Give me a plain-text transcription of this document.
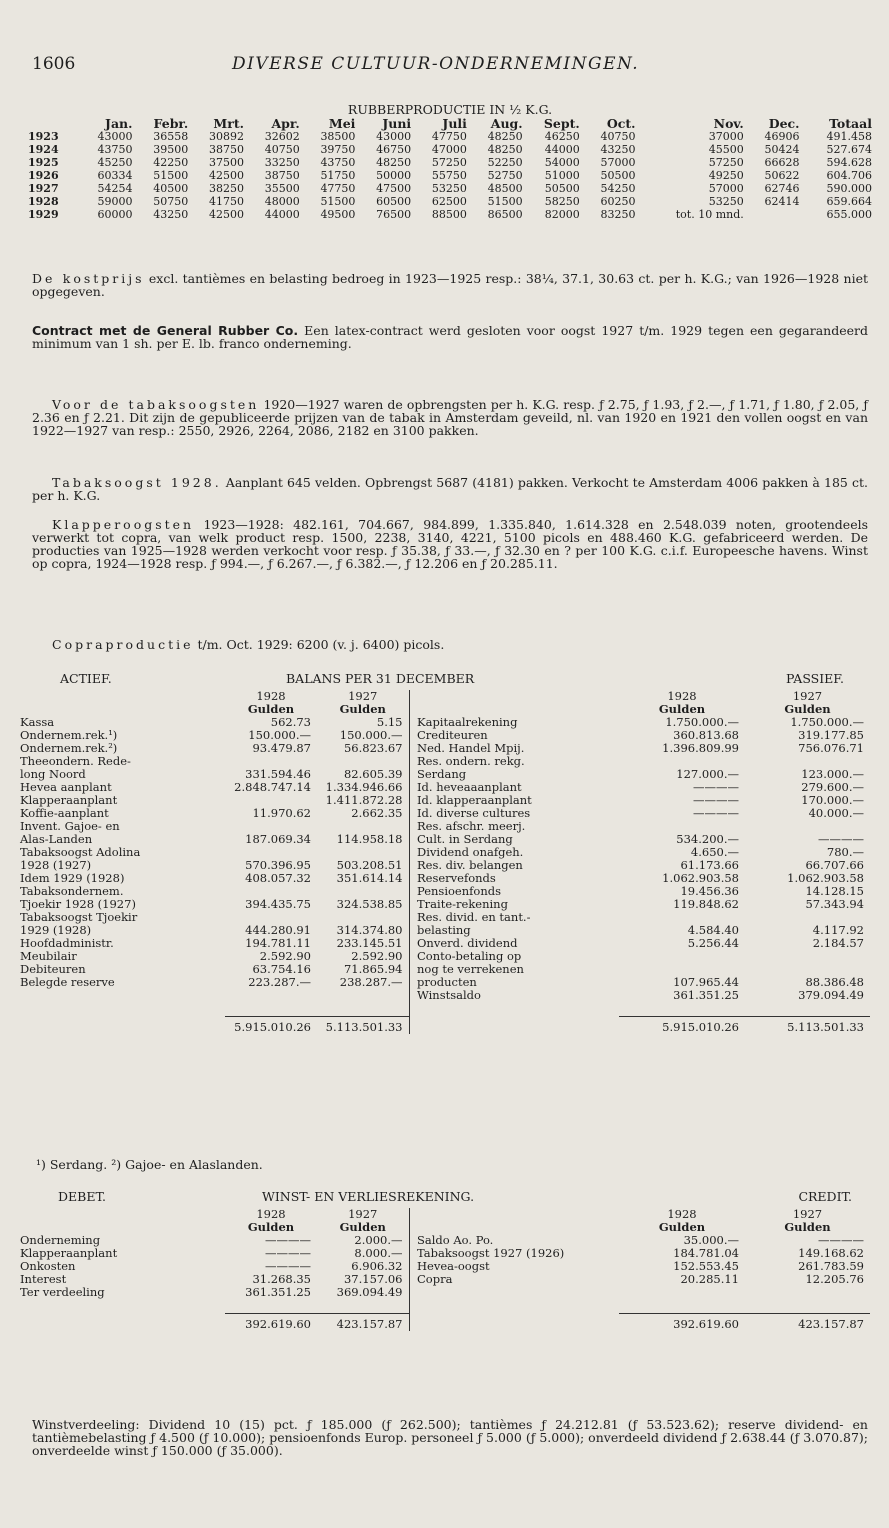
1606	DIVERSE CULTUUR-ONDERNEMINGEN.
RUBBERPRODUCTIE IN ½ K.G.
	Jan.	Febr.	Mrt.	Apr.	Mei	Juni	Juli	Aug.	Sept.	Oct.	Nov.	Dec.	Totaal
1923	43000	36558	30892	32602	38500	43000	47750	48250	46250	40750	37000	46906	491.458
1924	43750	39500	38750	40750	39750	46750	47000	48250	44000	43250	45500	50424	527.674
1925	45250	42250	37500	33250	43750	48250	57250	52250	54000	57000	57250	66628	594.628
1926	60334	51500	42500	38750	51750	50000	55750	52750	51000	50500	49250	50622	604.706
1927	54254	40500	38250	35500	47750	47500	53250	48500	50500	54250	57000	62746	590.000
1928	59000	50750	41750	48000	51500	60500	62500	51500	58250	60250	53250	62414	659.664
1929	60000	43250	42500	44000	49500	76500	88500	86500	82000	83250	tot. 10 mnd.		655.000

De kostprijs excl. tantièmes en belasting bedroeg in 1923—1925 resp.: 38¼, 37.1, 30.63 ct. per h. K.G.; van 1926—1928 niet opgegeven.

Contract met de General Rubber Co. Een latex-contract werd gesloten voor oogst 1927 t/m. 1929 tegen een gegarandeerd minimum van 1 sh. per E. lb. franco onderneming.

Voor de tabaksoogsten 1920—1927 waren de opbrengsten per h. K.G. resp. ƒ 2.75, ƒ 1.93, ƒ 2.—, ƒ 1.71, ƒ 1.80, ƒ 2.05, ƒ 2.36 en ƒ 2.21. Dit zijn de gepubliceerde prijzen van de tabak in Amsterdam geveild, nl. van 1920 en 1921 den vollen oogst en van 1922—1927 van resp.: 2550, 2926, 2264, 2086, 2182 en 3100 pakken.

Tabaksoogst 1928. Aanplant 645 velden. Opbrengst 5687 (4181) pakken. Verkocht te Amsterdam 4006 pakken à 185 ct. per h. K.G.

Klapperoogsten 1923—1928: 482.161, 704.667, 984.899, 1.335.840, 1.614.328 en 2.548.039 noten, grootendeels verwerkt tot copra, van welk product resp. 1500, 2238, 3140, 4221, 5100 picols en 488.460 K.G. gefabriceerd werden. De producties van 1925—1928 werden verkocht voor resp. ƒ 35.38, ƒ 33.—, ƒ 32.30 en ? per 100 K.G. c.i.f. Europeesche havens. Winst op copra, 1924—1928 resp. ƒ 994.—, ƒ 6.267.—, ƒ 6.382.—, ƒ 12.206 en ƒ 20.285.11.

Copraproductie t/m. Oct. 1929: 6200 (v. j. 6400) picols.

ACTIEF.	BALANS PER 31 DECEMBER	PASSIEF.
	1928	1927			1928	1927
	Gulden	Gulden			Gulden	Gulden
Kassa	562.73	5.15		Kapitaalrekening	1.750.000.—	1.750.000.—
Ondernem.rek.¹)	150.000.—	150.000.—		Crediteuren	360.813.68	319.177.85
Ondernem.rek.²)	93.479.87	56.823.67		Ned. Handel Mpij.	1.396.809.99	756.076.71
Theeondern. Rede-				Res. ondern. rekg.		
long Noord	331.594.46	82.605.39		Serdang	127.000.—	123.000.—
Hevea aanplant	2.848.747.14	1.334.946.66		Id. heveaaanplant	————	279.600.—
Klapperaanplant		1.411.872.28		Id. klapperaanplant	————	170.000.—
Koffie-aanplant	11.970.62	2.662.35		Id. diverse cultures	————	40.000.—
Invent. Gajoe- en				Res. afschr. meerj.		
Alas-Landen	187.069.34	114.958.18		Cult. in Serdang	534.200.—	————
Tabaksoogst Adolina				Dividend onafgeh.	4.650.—	780.—
1928 (1927)	570.396.95	503.208.51		Res. div. belangen	61.173.66	66.707.66
Idem 1929 (1928)	408.057.32	351.614.14		Reservefonds	1.062.903.58	1.062.903.58
Tabaksondernem.				Pensioenfonds	19.456.36	14.128.15
Tjoekir 1928 (1927)	394.435.75	324.538.85		Traite-rekening	119.848.62	57.343.94
Tabaksoogst Tjoekir				Res. divid. en tant.-		
1929 (1928)	444.280.91	314.374.80		belasting	4.584.40	4.117.92
Hoofdadministr.	194.781.11	233.145.51		Onverd. dividend	5.256.44	2.184.57
Meubilair	2.592.90	2.592.90		Conto-betaling op		
Debiteuren	63.754.16	71.865.94		nog te verrekenen		
Belegde reserve	223.287.—	238.287.—		producten	107.965.44	88.386.48
				Winstsaldo	361.351.25	379.094.49

	5.915.010.26	5.113.501.33			5.915.010.26	5.113.501.33
¹) Serdang. ²) Gajoe- en Alaslanden.
DEBET.	WINST- EN VERLIESREKENING.	CREDIT.
	1928	1927			1928	1927
	Gulden	Gulden			Gulden	Gulden
Onderneming	————	2.000.—		Saldo Ao. Po.	35.000.—	————
Klapperaanplant	————	8.000.—		Tabaksoogst 1927 (1926)	184.781.04	149.168.62
Onkosten	————	6.906.32		Hevea-oogst	152.553.45	261.783.59
Interest	31.268.35	37.157.06		Copra	20.285.11	12.205.76
Ter verdeeling	361.351.25	369.094.49				

	392.619.60	423.157.87			392.619.60	423.157.87

Winstverdeeling: Dividend 10 (15) pct. ƒ 185.000 (ƒ 262.500); tantièmes ƒ 24.212.81 (ƒ 53.523.62); reserve dividend- en tantièmebelasting ƒ 4.500 (ƒ 10.000); pensioenfonds Europ. personeel ƒ 5.000 (ƒ 5.000); onverdeeld dividend ƒ 2.638.44 (ƒ 3.070.87); onverdeelde winst ƒ 150.000 (ƒ 35.000).
